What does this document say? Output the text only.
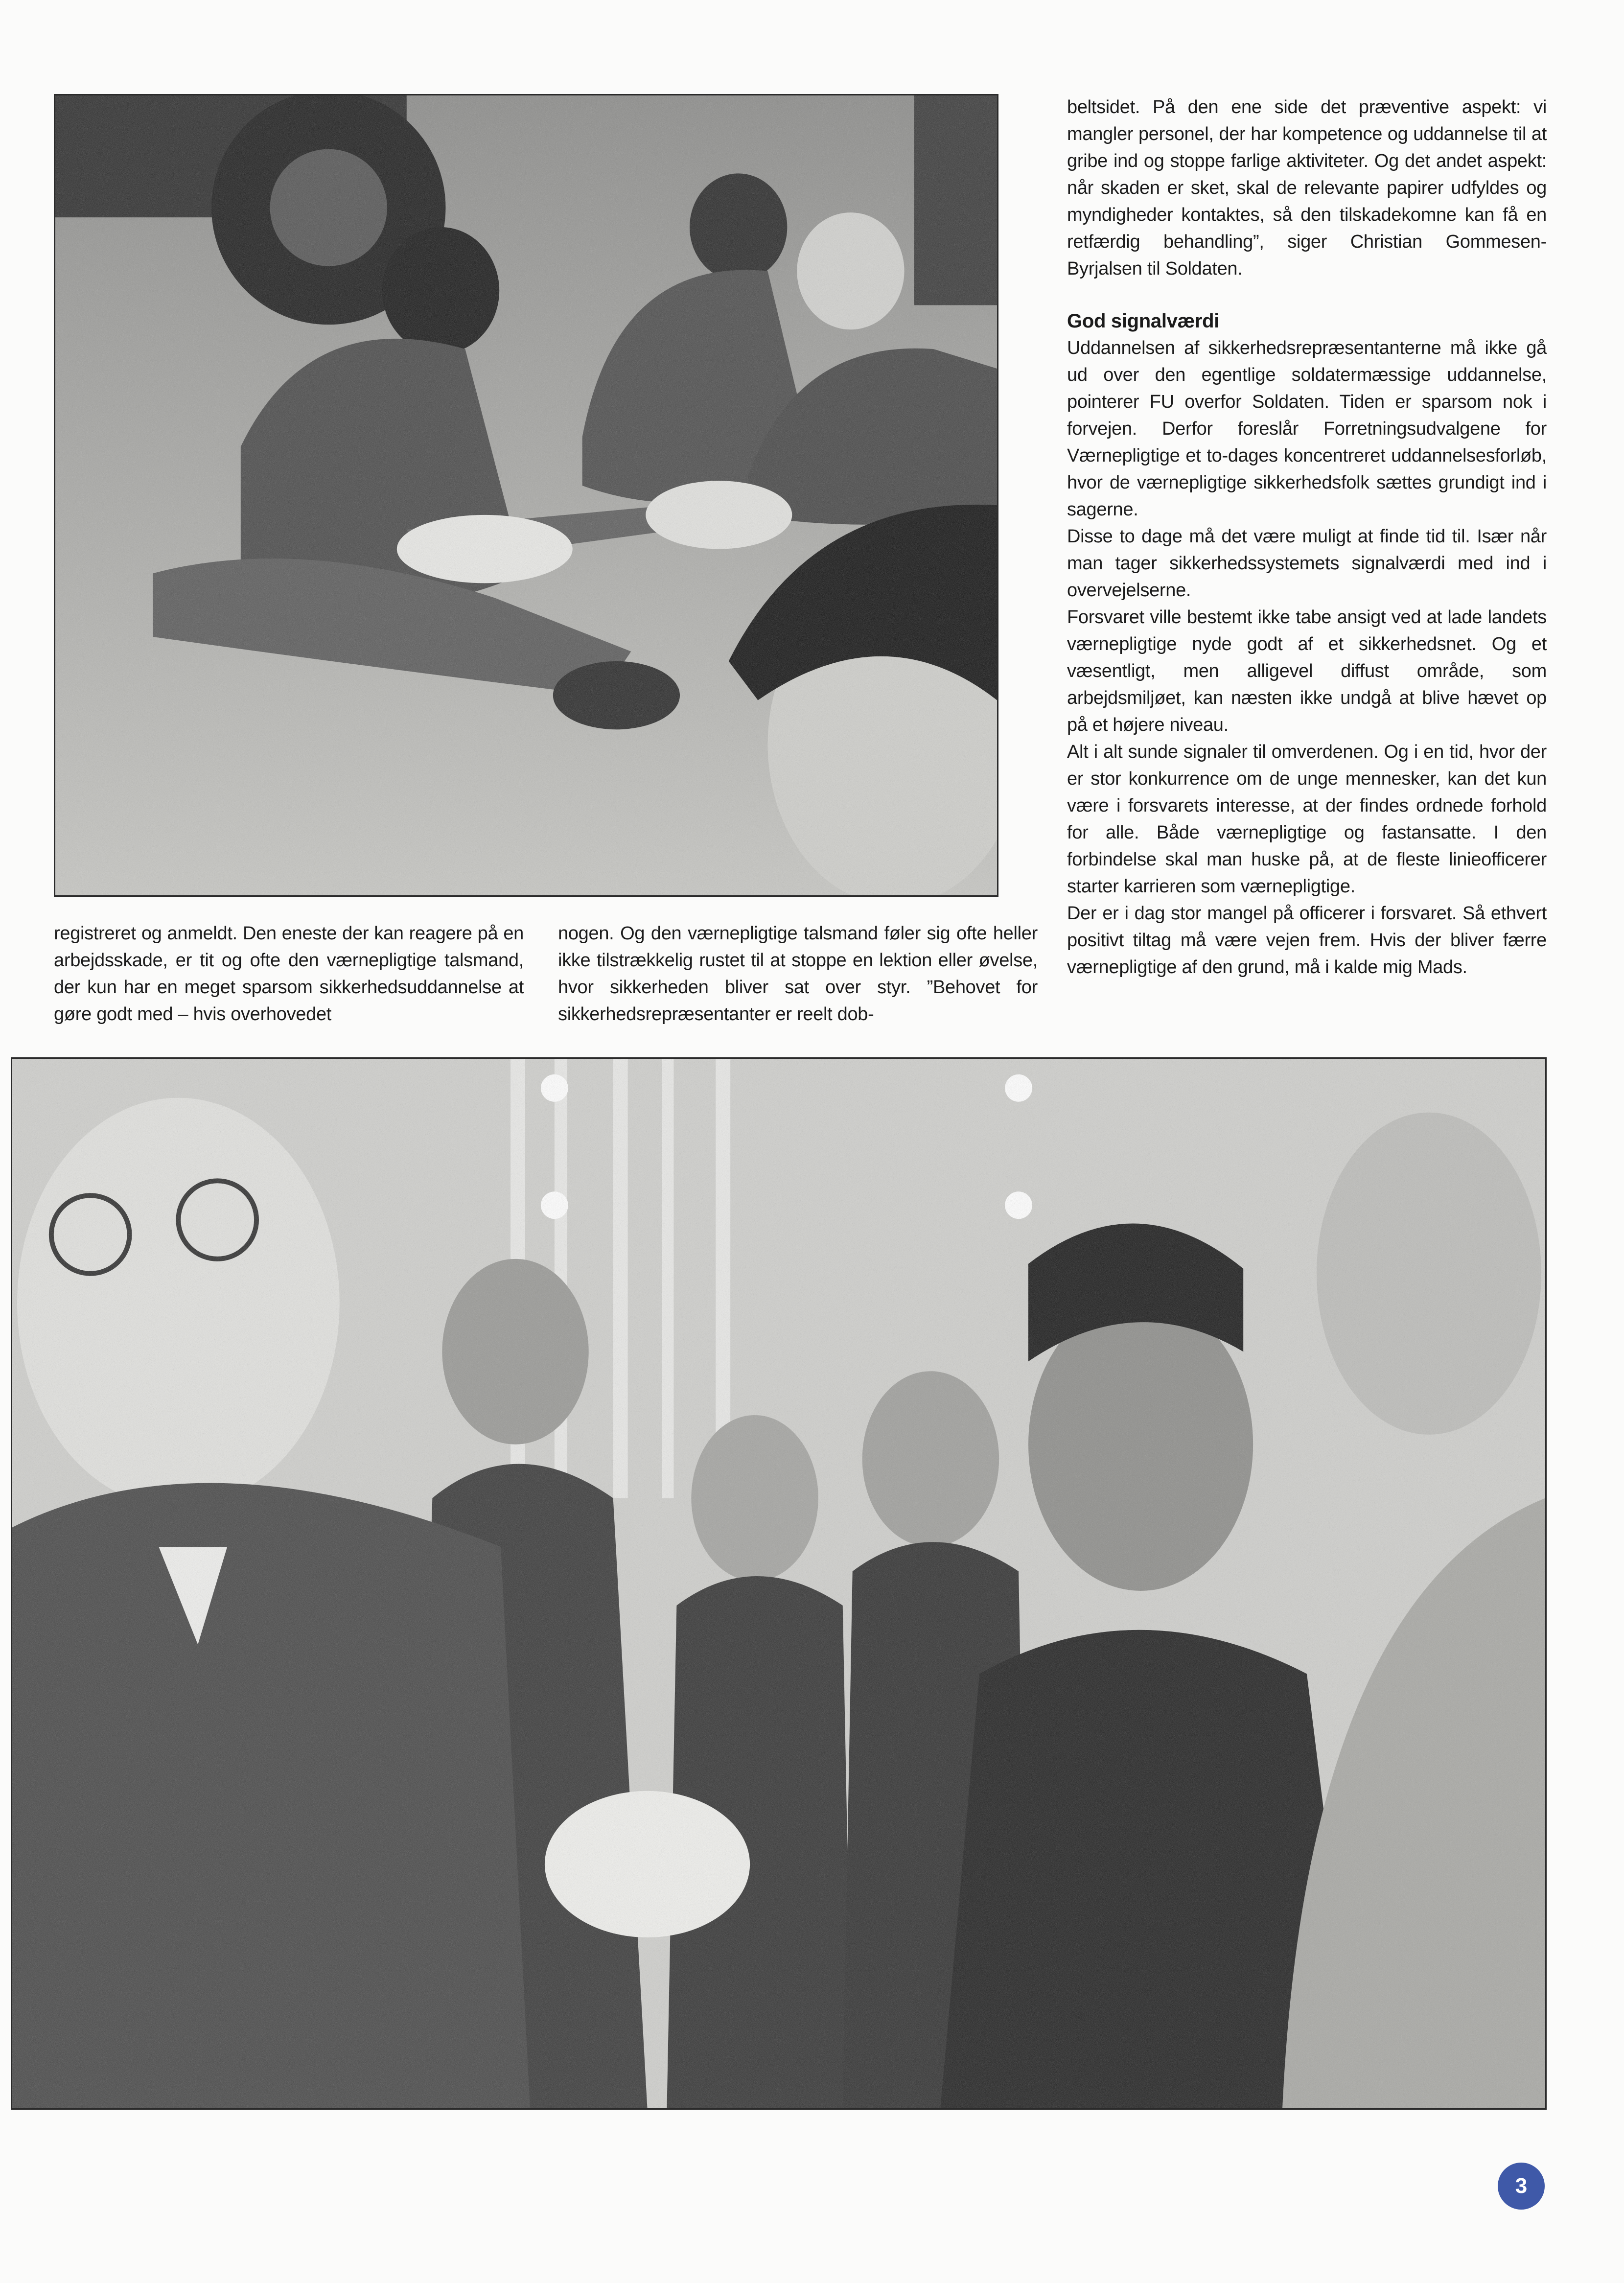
beltsidet. På den ene side det præventive aspekt: vi mangler personel, der har kompetence og uddannelse til at gribe ind og stoppe farlige aktiviteter. Og det andet aspekt: når skaden er sket, skal de relevante papirer udfyldes og myndigheder kontaktes, så den tilskadekomne kan få en retfærdig behandling”, siger Christian Gommesen-Byrjalsen til Soldaten.

God signalværdi

Uddannelsen af sikkerhedsrepræsentanterne må ikke gå ud over den egentlige soldatermæssige uddannelse, pointerer FU overfor Soldaten. Tiden er sparsom nok i forvejen. Derfor foreslår Forretningsudvalgene for Værnepligtige et to-dages koncentreret uddannelsesforløb, hvor de værnepligtige sikkerhedsfolk sættes grundigt ind i sagerne.

Disse to dage må det være muligt at finde tid til. Især når man tager sikkerhedssystemets signalværdi med ind i overvejelserne.

Forsvaret ville bestemt ikke tabe ansigt ved at lade landets værnepligtige nyde godt af et sikkerhedsnet. Og et væsentligt, men alligevel diffust område, som arbejdsmiljøet, kan næsten ikke undgå at blive hævet op på et højere niveau.

Alt i alt sunde signaler til omverdenen. Og i en tid, hvor der er stor konkurrence om de unge mennesker, kan det kun være i forsvarets interesse, at der findes ordnede forhold for alle. Både værnepligtige og fastansatte. I den forbindelse skal man huske på, at de fleste linieofficerer starter karrieren som værnepligtige.

Der er i dag stor mangel på officerer i forsvaret. Så ethvert positivt tiltag må være vejen frem. Hvis der bliver færre værnepligtige af den grund, må i kalde mig Mads.

registreret og anmeldt. Den eneste der kan reagere på en arbejdsskade, er tit og ofte den værnepligtige talsmand, der kun har en meget sparsom sikkerhedsuddannelse at gøre godt med – hvis overhovedet

nogen. Og den værnepligtige talsmand føler sig ofte heller ikke tilstrækkelig rustet til at stoppe en lektion eller øvelse, hvor sikkerheden bliver sat over styr. ”Behovet for sikkerhedsrepræsentanter er reelt dob-

3
